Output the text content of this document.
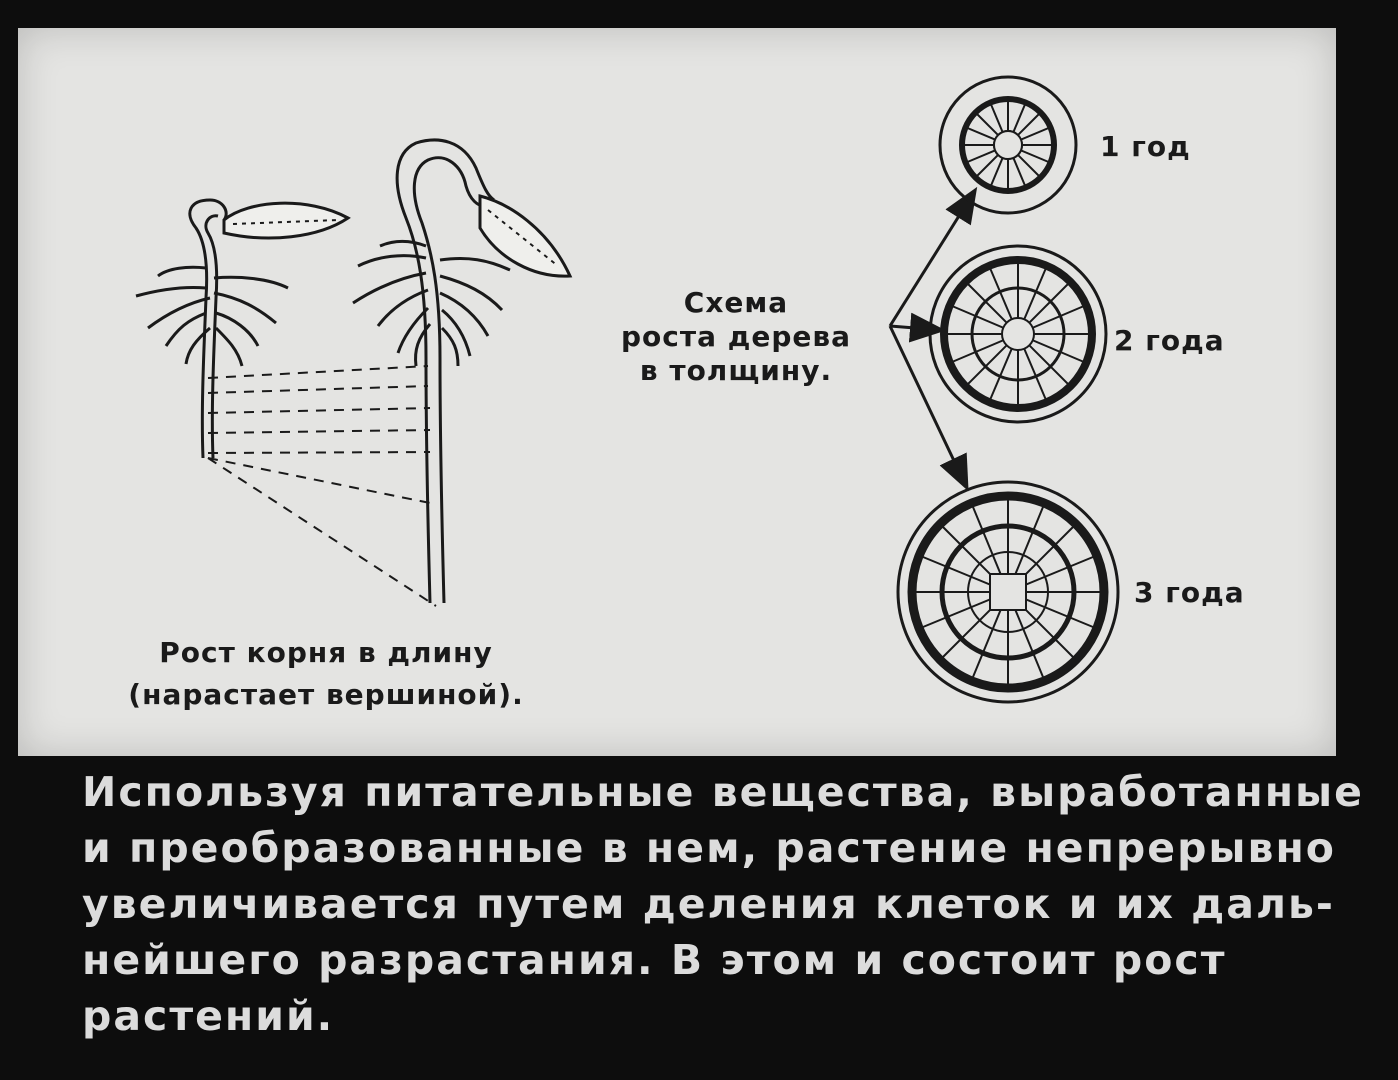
Рост корня в длину
(нарастает вершиной).
Схема
роста дерева
в толщину.
1 год
2 года
3 года
Используя питательные вещества, выработанные
и преобразованные в нем, растение непрерывно
увеличивается путем деления клеток и их даль-
нейшего разрастания. В этом и состоит рост
растений.
